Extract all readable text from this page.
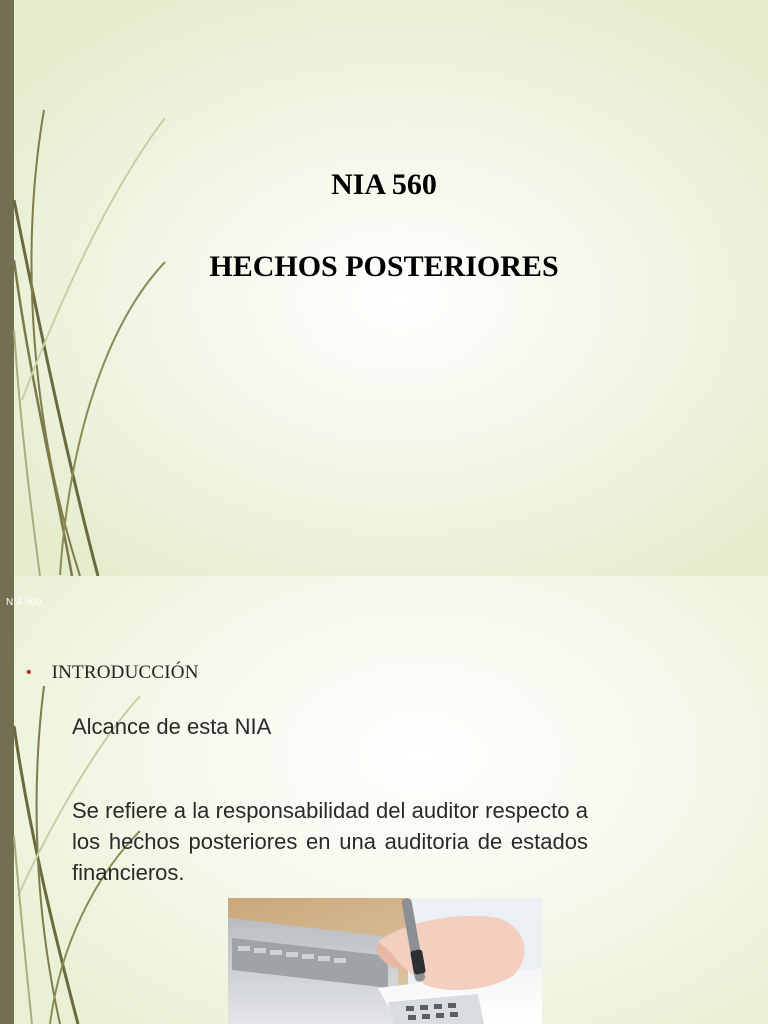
NIA 560
HECHOS POSTERIORES
NIA 560
• INTRODUCCIÓN
Alcance de esta NIA
Se refiere a la responsabilidad del auditor respecto a los hechos posteriores en una auditoria de estados financieros.
